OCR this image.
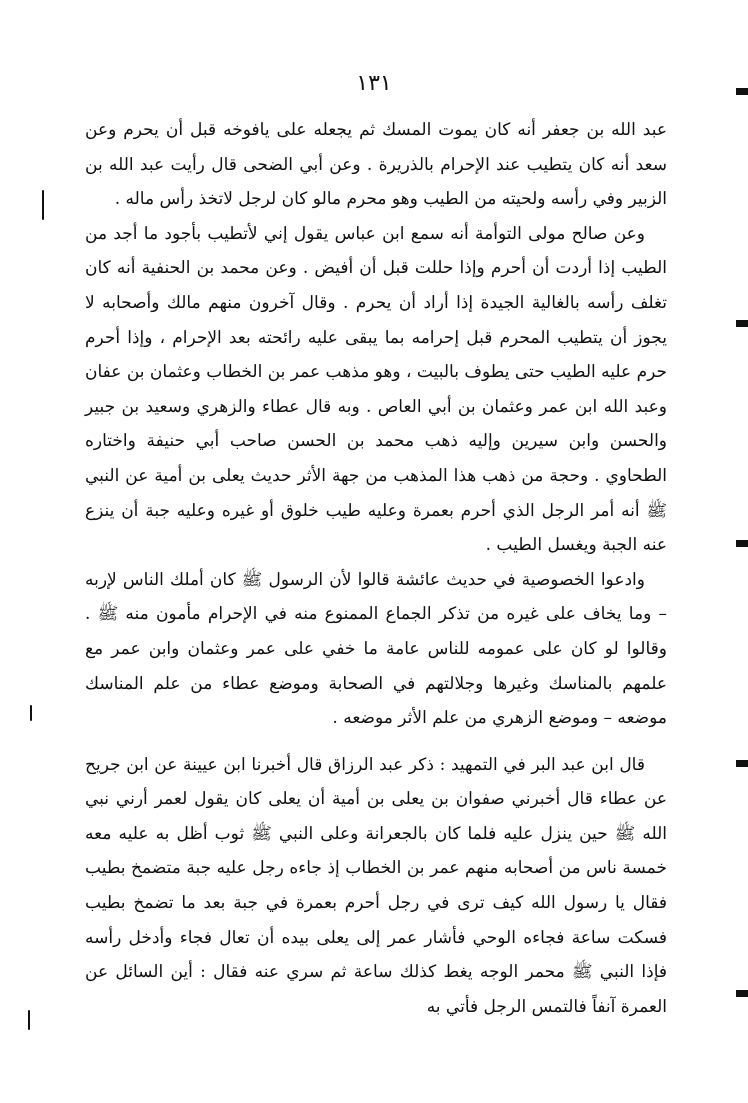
١٣١

عبد الله بن جعفر أنه كان يموت المسك ثم يجعله على يافوخه قبل أن يحرم وعن سعد أنه كان يتطيب عند الإحرام بالذريرة . وعن أبي الضحى قال رأيت عبد الله بن الزبير وفي رأسه ولحيته من الطيب وهو محرم مالو كان لرجل لاتخذ رأس ماله .

وعن صالح مولى التوأمة أنه سمع ابن عباس يقول إني لأتطيب بأجود ما أجد من الطيب إذا أردت أن أحرم وإذا حللت قبل أن أفيض . وعن محمد بن الحنفية أنه كان تغلف رأسه بالغالية الجيدة إذا أراد أن يحرم . وقال آخرون منهم مالك وأصحابه لا يجوز أن يتطيب المحرم قبل إحرامه بما يبقى عليه رائحته بعد الإحرام ، وإذا أحرم حرم عليه الطيب حتى يطوف بالبيت ، وهو مذهب عمر بن الخطاب وعثمان بن عفان وعبد الله ابن عمر وعثمان بن أبي العاص . وبه قال عطاء والزهري وسعيد بن جبير والحسن وابن سيرين وإليه ذهب محمد بن الحسن صاحب أبي حنيفة واختاره الطحاوي . وحجة من ذهب هذا المذهب من جهة الأثر حديث يعلى بن أمية عن النبي ﷺ أنه أمر الرجل الذي أحرم بعمرة وعليه طيب خلوق أو غيره وعليه جبة أن ينزع عنه الجبة ويغسل الطيب .

وادعوا الخصوصية في حديث عائشة قالوا لأن الرسول ﷺ كان أملك الناس لإربه – وما يخاف على غيره من تذكر الجماع الممنوع منه في الإحرام مأمون منه ﷺ . وقالوا لو كان على عمومه للناس عامة ما خفي على عمر وعثمان وابن عمر مع علمهم بالمناسك وغيرها وجلالتهم في الصحابة وموضع عطاء من علم المناسك موضعه – وموضع الزهري من علم الأثر موضعه .

قال ابن عبد البر في التمهيد : ذكر عبد الرزاق قال أخبرنا ابن عيينة عن ابن جريح عن عطاء قال أخبرني صفوان بن يعلى بن أمية أن يعلى كان يقول لعمر أرني نبي الله ﷺ حين ينزل عليه فلما كان بالجعرانة وعلى النبي ﷺ ثوب أظل به عليه معه خمسة ناس من أصحابه منهم عمر بن الخطاب إذ جاءه رجل عليه جبة متضمخ بطيب فقال يا رسول الله كيف ترى في رجل أحرم بعمرة في جبة بعد ما تضمخ بطيب فسكت ساعة فجاءه الوحي فأشار عمر إلى يعلى بيده أن تعال فجاء وأدخل رأسه فإذا النبي ﷺ محمر الوجه يغط كذلك ساعة ثم سري عنه فقال : أين السائل عن العمرة آنفاً فالتمس الرجل فأتي به
